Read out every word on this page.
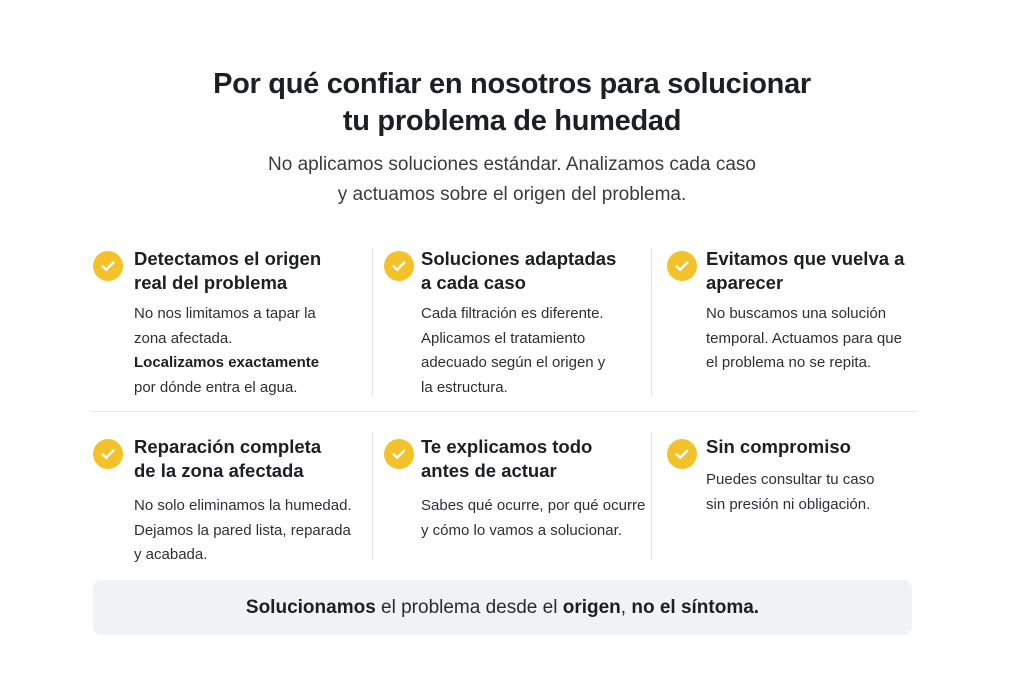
Por qué confiar en nosotros para solucionar
tu problema de humedad

No aplicamos soluciones estándar. Analizamos cada caso
y actuamos sobre el origen del problema.

Detectamos el origen
real del problema
No nos limitamos a tapar la
zona afectada.
Localizamos exactamente
por dónde entra el agua.
Soluciones adaptadas
a cada caso
Cada filtración es diferente.
Aplicamos el tratamiento
adecuado según el origen y
la estructura.
Evitamos que vuelva a
aparecer
No buscamos una solución
temporal. Actuamos para que
el problema no se repita.
Reparación completa
de la zona afectada
No solo eliminamos la humedad.
Dejamos la pared lista, reparada
y acabada.
Te explicamos todo
antes de actuar
Sabes qué ocurre, por qué ocurre
y cómo lo vamos a solucionar.
Sin compromiso
Puedes consultar tu caso
sin presión ni obligación.
Solucionamos el problema desde el origen, no el síntoma.
